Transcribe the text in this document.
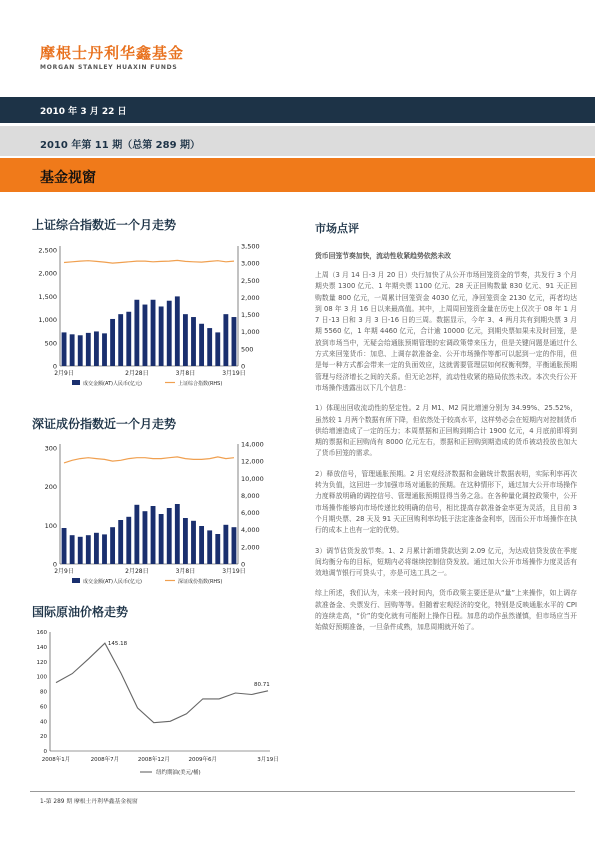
摩根士丹利华鑫基金
MORGAN STANLEY HUAXIN FUNDS
2010 年 3 月 22 日
2010 年第 11 期（总第 289 期）
基金视窗
上证综合指数近一个月走势
2,500
2,000
1,500
1,000
500
0
3,500
3,000
2,500
2,000
1,500
1,000
500
0
2月9日	2月28日	3月8日	3月19日
成交金额(AT)人民币(亿元)	上证综合指数(RHS)
深证成份指数近一个月走势
300
200
100
0
14,000
12,000
10,000
8,000
6,000
4,000
2,000
0
2月9日	2月28日	3月8日	3月19日
成交金额(AT)人民币(亿元)	深证成份指数(RHS)
国际原油价格走势
160
140
120
100
80
60
40
20
0
145.18
80.71
2008年1月	2008年7月	2008年12月	2009年6月	3月19日
纽约期油(美元/桶)
市场点评
货币回笼节奏加快，流动性收紧趋势依然未改

上周（3 月 14 日-3 月 20 日）央行加快了从公开市场回笼资金的节奏，共发行 3 个月期央票 1300 亿元、1 年期央票 1100 亿元、28 天正回购数量 830 亿元、91 天正回购数量 800 亿元，一周累计回笼资金 4030 亿元，净回笼资金 2130 亿元，再者均达到 08 年 3 月 16 日以来最高值。其中，上周周回笼资金量在历史上仅次于 08 年 1 月 7 日-13 日和 3 月 3 日-16 日的三周。数据显示，今年 3、4 两月共有到期央票 3 月期 5560 亿，1 年期 4460 亿元，合计逾 10000 亿元，到期央票如果未及时回笼，是放到市场当中，无疑会给通胀预期管理的宏调政策带来压力，但是关键问题是通过什么方式来回笼货币：加息、上调存款准备金、公开市场操作等都可以起到一定的作用，但是每一种方式都会带来一定的负面效应，这就需要管理层如何权衡利弊，平衡通胀预期管理与经济增长之间的关系。但无论怎样，流动性收紧的格局依然未改。本次央行公开市场操作透露出以下几个信息：

1）体现出回收流动性的坚定性。2 月 M1、M2 同比增速分别为 34.99%、25.52%，虽然较 1 月两个数据有所下降，但依然处于较高水平，这样势必会在短期内对控制货币供给增速造成了一定的压力；本周票据和正回购到期合计 1900 亿元，4 月底前即将到期的票据和正回购尚有 8000 亿元左右，票据和正回购到期造成的货币被动投放也加大了货币回笼的需求。

2）释放信号，管理通胀预期。2 月宏观经济数据和金融统计数据表明，实际利率再次转为负值，这回进一步加强市场对通胀的预期。在这种情形下，通过加大公开市场操作力度释放明确的调控信号、管理通胀预期显得当务之急。在各种量化调控政策中，公开市场操作能够向市场传递比较明确的信号，相比提高存款准备金率更为灵活，且目前 3 个月期央票、28 天及 91 天正回购利率均低于法定准备金利率，因而公开市场操作在执行的成本上也有一定的优势。

3）调节估货发放节奏。1、2 月累计新增贷款达到 2.09 亿元，为达成信贷发放在季度间均衡分布的目标，短期内必将继续控制信贷发放。通过加大公开市场操作力度灵活有效地调节银行可贷头寸，亦是可选工具之一。

综上所述，我们认为，未来一段时间内，货币政策主要还是从“量”上来操作，如上调存款准备金、央票发行、回购等等。但随着宏观经济的变化，特别是反映通胀水平的 CPI 的连续走高，“价”的变化就有可能附上操作日程。加息的动作虽然谨慎，但市场应当开始做好预期准备，一旦条件成熟，加息周期就开始了。

1-第 289 期 摩根士丹利华鑫基金视窗
